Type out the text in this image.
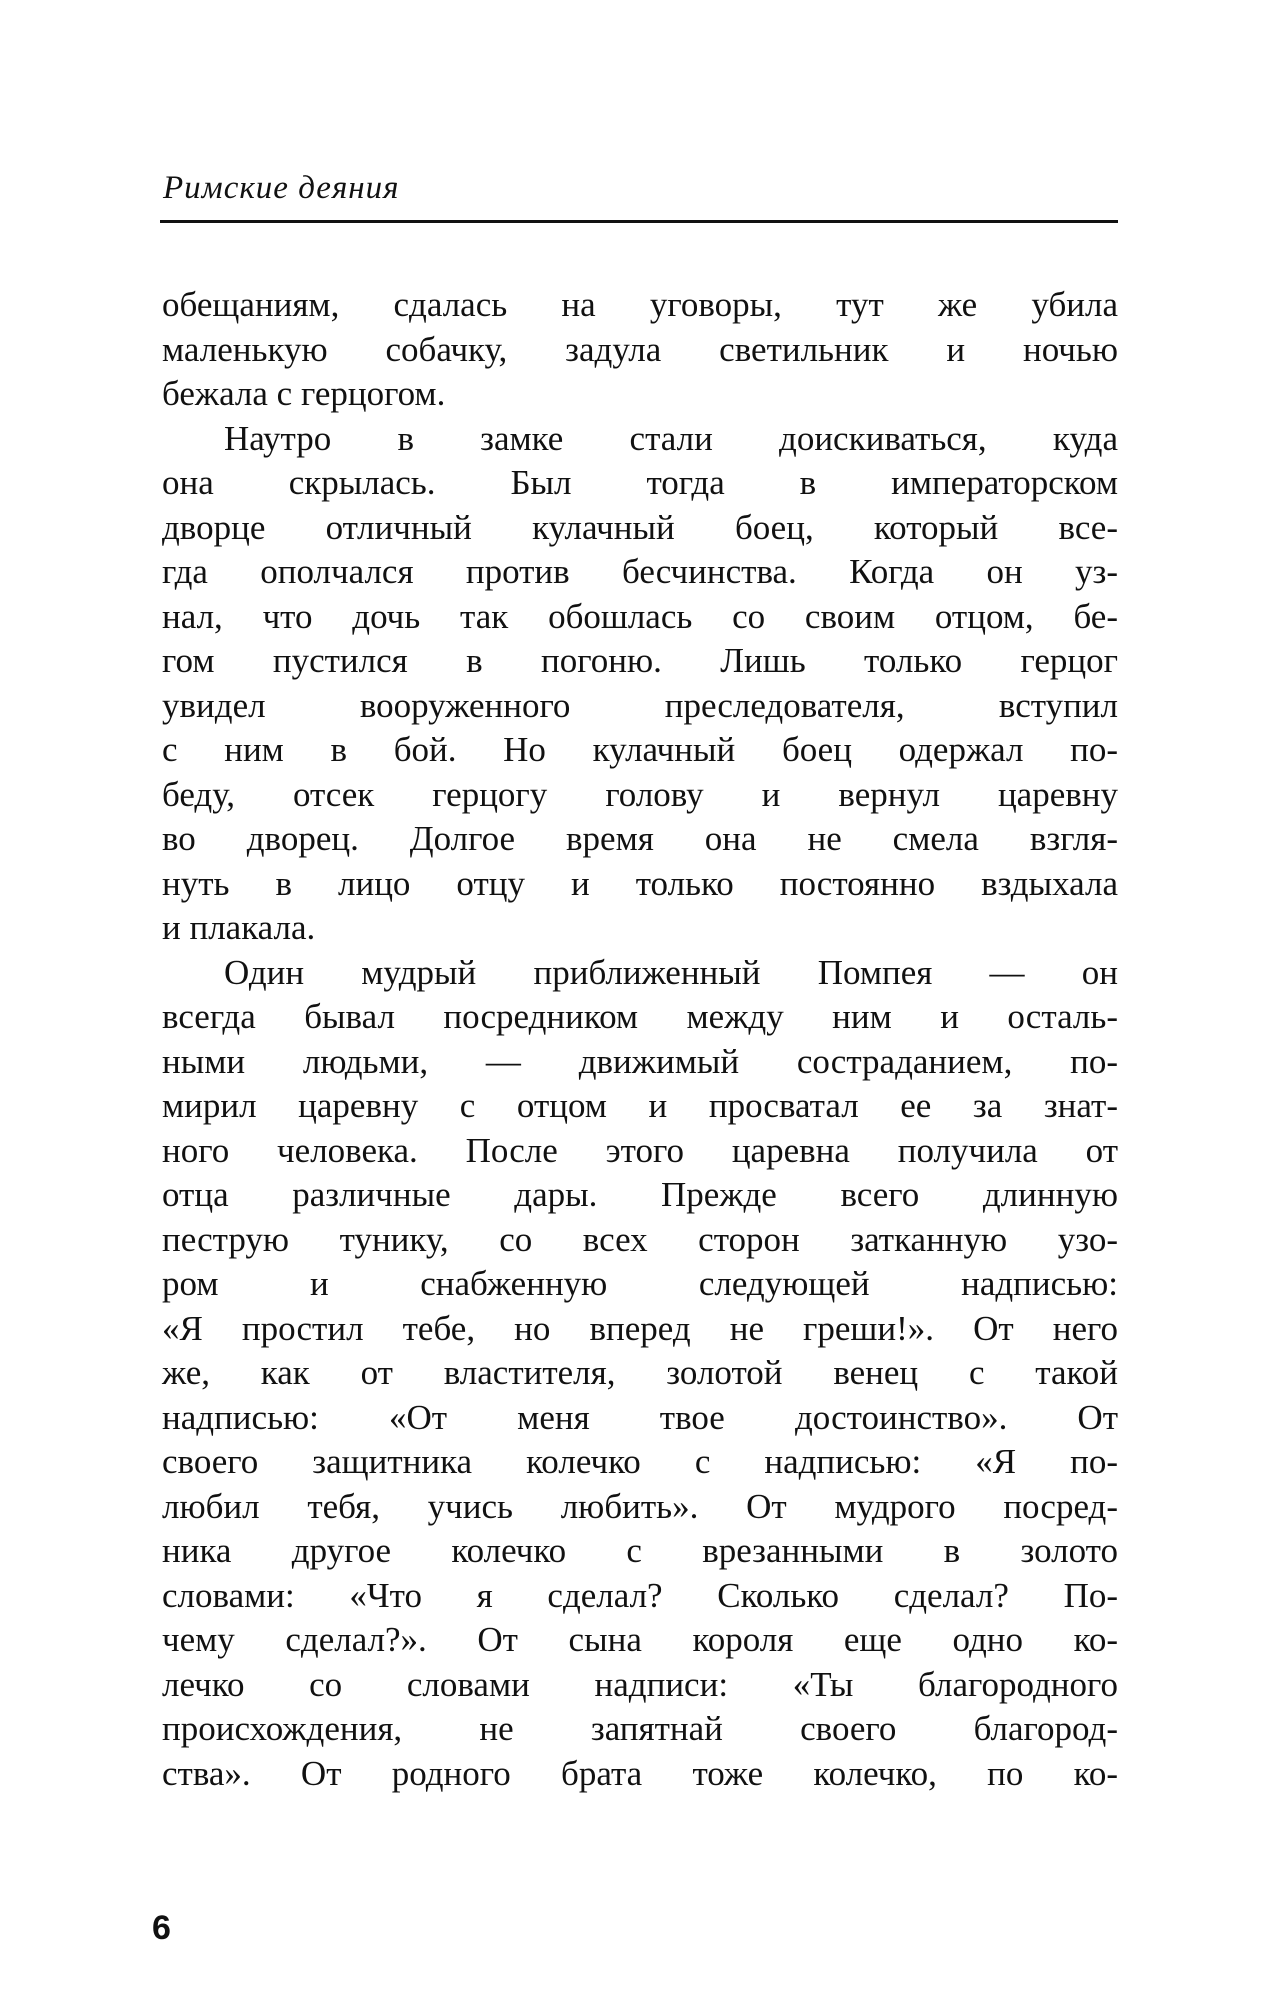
Римские деяния
обещаниям, сдалась на уговоры, тут же убила
маленькую собачку, задула светильник и ночью
бежала с герцогом.
Наутро в замке стали доискиваться, куда
она скрылась. Был тогда в императорском
дворце отличный кулачный боец, который все-
гда ополчался против бесчинства. Когда он уз-
нал, что дочь так обошлась со своим отцом, бе-
гом пустился в погоню. Лишь только герцог
увидел вооруженного преследователя, вступил
с ним в бой. Но кулачный боец одержал по-
беду, отсек герцогу голову и вернул царевну
во дворец. Долгое время она не смела взгля-
нуть в лицо отцу и только постоянно вздыхала
и плакала.
Один мудрый приближенный Помпея — он
всегда бывал посредником между ним и осталь-
ными людьми, — движимый состраданием, по-
мирил царевну с отцом и просватал ее за знат-
ного человека. После этого царевна получила от
отца различные дары. Прежде всего длинную
пеструю тунику, со всех сторон затканную узо-
ром и снабженную следующей надписью:
«Я простил тебе, но вперед не греши!». От него
же, как от властителя, золотой венец с такой
надписью: «От меня твое достоинство». От
своего защитника колечко с надписью: «Я по-
любил тебя, учись любить». От мудрого посред-
ника другое колечко с врезанными в золото
словами: «Что я сделал? Сколько сделал? По-
чему сделал?». От сына короля еще одно ко-
лечко со словами надписи: «Ты благородного
происхождения, не запятнай своего благород-
ства». От родного брата тоже колечко, по ко-
6
